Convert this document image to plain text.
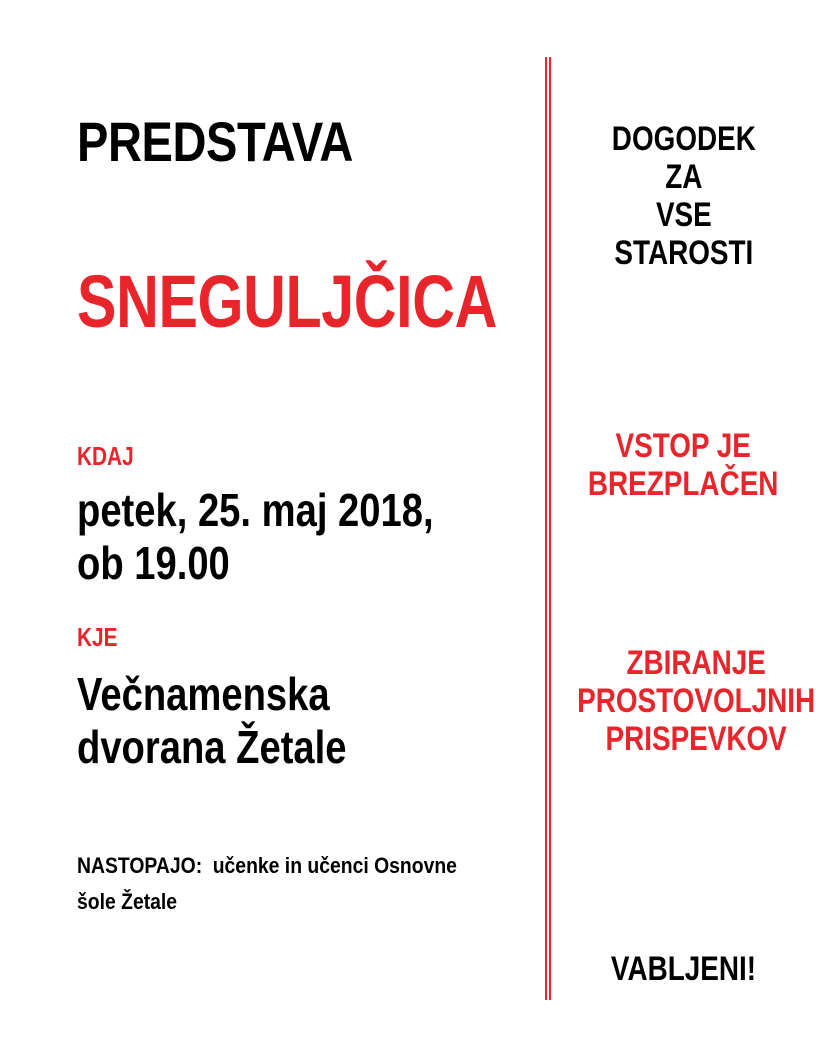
PREDSTAVA
SNEGULJČICA
KDAJ
petek, 25. maj 2018,
ob 19.00
KJE
Večnamenska
dvorana Žetale
NASTOPAJO: učenke in učenci Osnovne
šole Žetale
DOGODEK
ZA
VSE
STAROSTI
VSTOP JE
BREZPLAČEN
ZBIRANJE
PROSTOVOLJNIH
PRISPEVKOV
VABLJENI!
